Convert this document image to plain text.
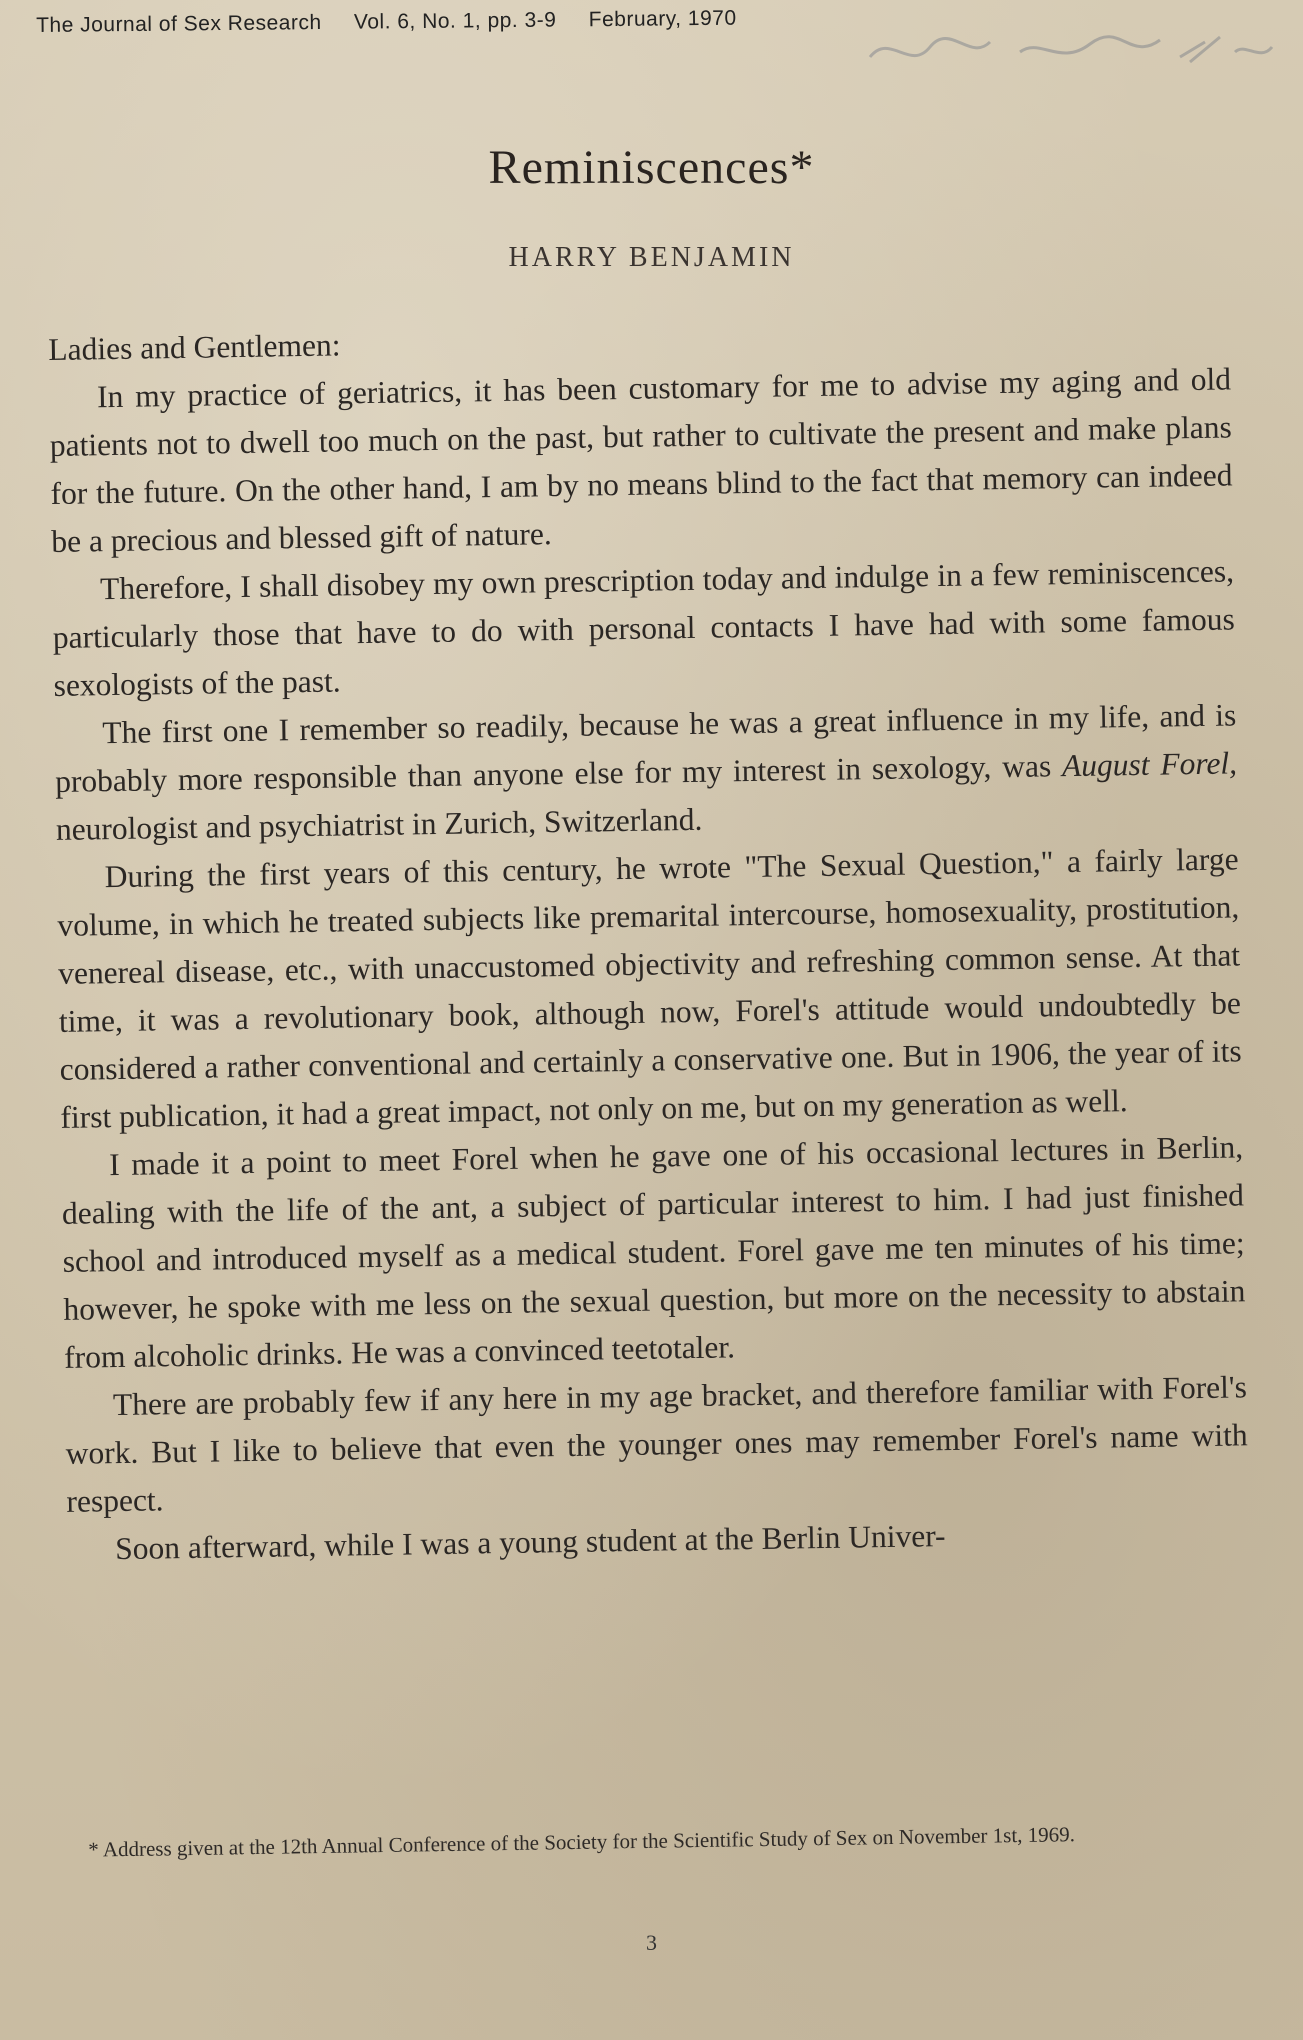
The Journal of Sex Research Vol. 6, No. 1, pp. 3-9 February, 1970
Reminiscences*
HARRY BENJAMIN

Ladies and Gentlemen:

In my practice of geriatrics, it has been customary for me to advise my aging and old patients not to dwell too much on the past, but rather to cultivate the present and make plans for the future. On the other hand, I am by no means blind to the fact that memory can indeed be a precious and blessed gift of nature.

Therefore, I shall disobey my own prescription today and indulge in a few reminiscences, particularly those that have to do with personal contacts I have had with some famous sexologists of the past.

The first one I remember so readily, because he was a great influence in my life, and is probably more responsible than anyone else for my interest in sexology, was August Forel, neurologist and psychiatrist in Zurich, Switzerland.

During the first years of this century, he wrote "The Sexual Question," a fairly large volume, in which he treated subjects like premarital intercourse, homosexuality, prostitution, venereal disease, etc., with unaccustomed objectivity and refreshing common sense. At that time, it was a revolutionary book, although now, Forel's attitude would undoubtedly be considered a rather conventional and certainly a conservative one. But in 1906, the year of its first publication, it had a great impact, not only on me, but on my generation as well.

I made it a point to meet Forel when he gave one of his occasional lectures in Berlin, dealing with the life of the ant, a subject of particular interest to him. I had just finished school and introduced myself as a medical student. Forel gave me ten minutes of his time; however, he spoke with me less on the sexual question, but more on the necessity to abstain from alcoholic drinks. He was a convinced teetotaler.

There are probably few if any here in my age bracket, and therefore familiar with Forel's work. But I like to believe that even the younger ones may remember Forel's name with respect.

Soon afterward, while I was a young student at the Berlin Univer-

* Address given at the 12th Annual Conference of the Society for the Scientific Study of Sex on November 1st, 1969.

3
